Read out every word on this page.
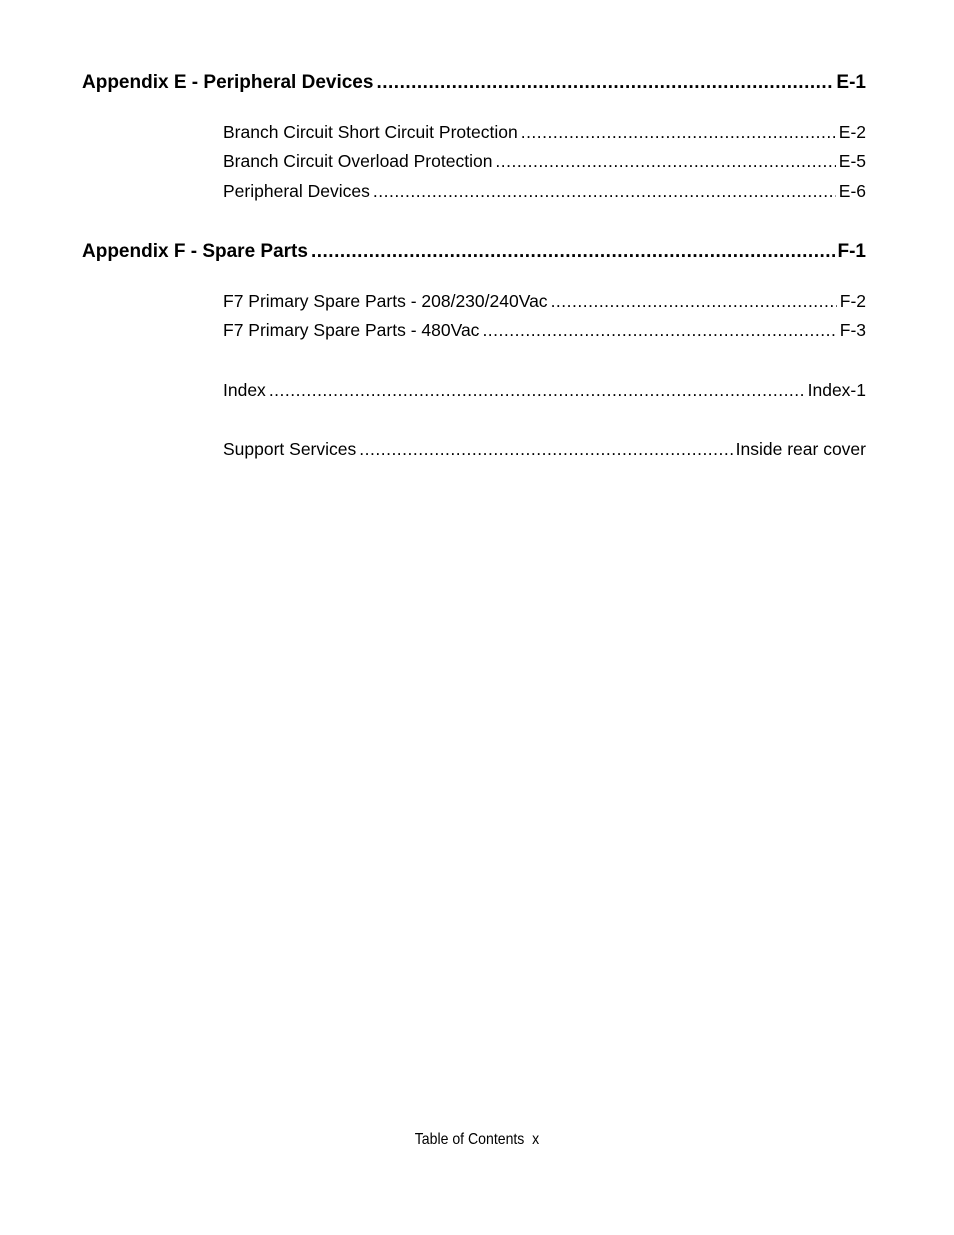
Appendix E - Peripheral Devices .....	E-1
Branch Circuit Short Circuit Protection .....	E-2
Branch Circuit Overload Protection .....	E-5
Peripheral Devices .....	E-6
Appendix F - Spare Parts .....	F-1
F7 Primary Spare Parts - 208/230/240Vac .....	F-2
F7 Primary Spare Parts - 480Vac .....	F-3
Index .....	Index-1
Support Services .....	Inside rear cover
Table of Contents  x
